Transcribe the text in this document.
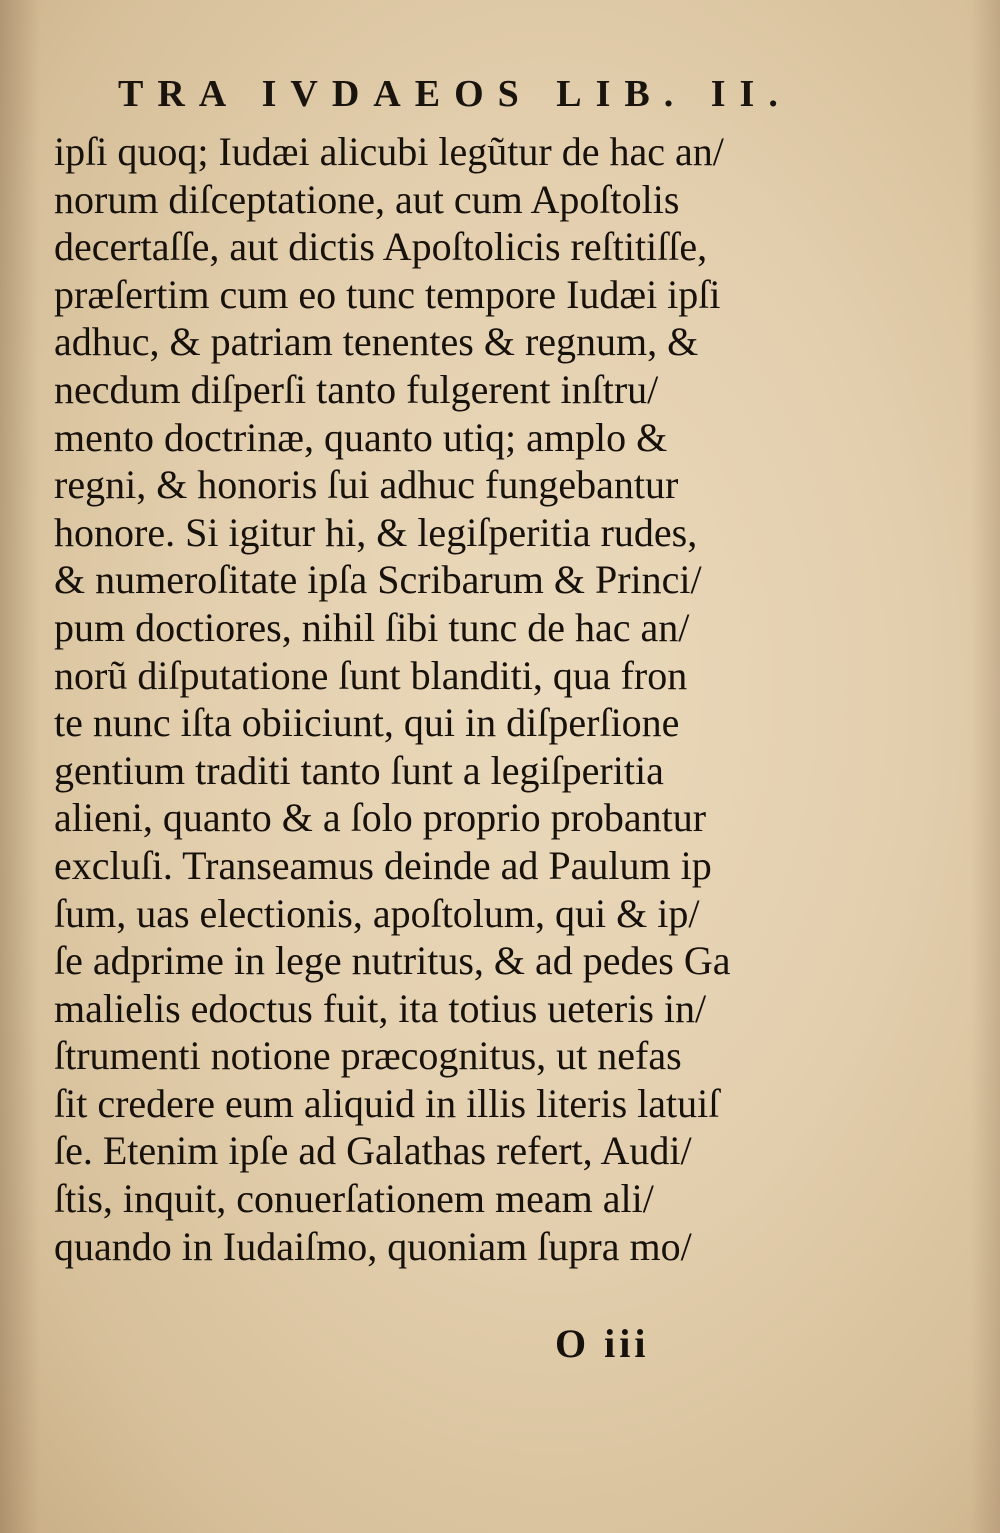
TRA IVDAEOS LIB. II.
ipſi quoq; Iudæi alicubi legũtur de hac an/
norum diſceptatione, aut cum Apoſtolis
decertaſſe, aut dictis Apoſtolicis reſtitiſſe,
præſertim cum eo tunc tempore Iudæi ipſi
adhuc, & patriam tenentes & regnum, &
necdum diſperſi tanto fulgerent inſtru/
mento doctrinæ, quanto utiq; amplo &
regni, & honoris ſui adhuc fungebantur
honore. Si igitur hi, & legiſperitia rudes,
& numeroſitate ipſa Scribarum & Princi/
pum doctiores, nihil ſibi tunc de hac an/
norũ diſputatione ſunt blanditi, qua fron
te nunc iſta obiiciunt, qui in diſperſione
gentium traditi tanto ſunt a legiſperitia
alieni, quanto & a ſolo proprio probantur
excluſi. Transeamus deinde ad Paulum ip
ſum, uas electionis, apoſtolum, qui & ip/
ſe adprime in lege nutritus, & ad pedes Ga
malielis edoctus fuit, ita totius ueteris in/
ſtrumenti notione præcognitus, ut nefas
ſit credere eum aliquid in illis literis latuiſ
ſe. Etenim ipſe ad Galathas refert, Audi/
ſtis, inquit, conuerſationem meam ali/
quando in Iudaiſmo, quoniam ſupra mo/
O iii
